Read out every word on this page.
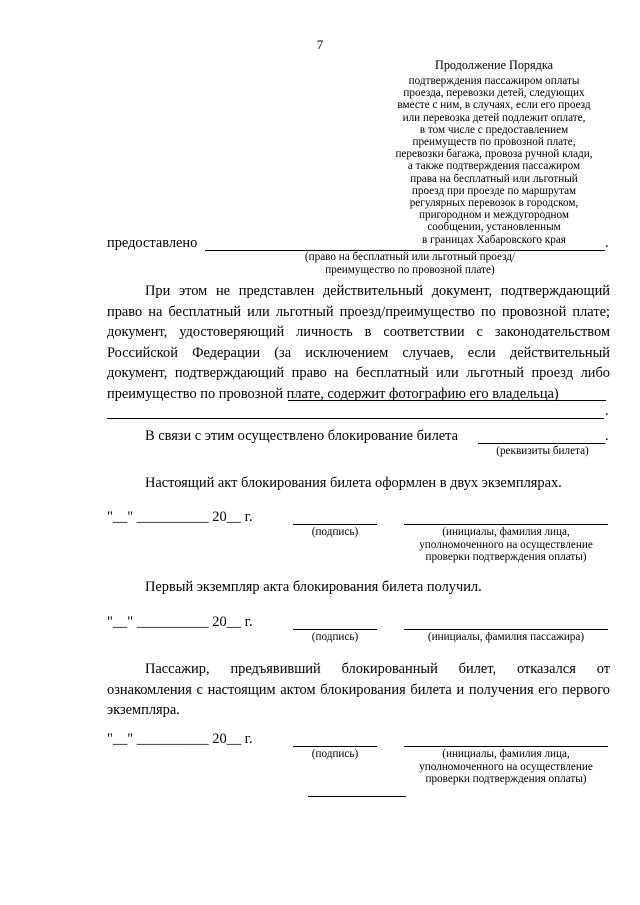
7
Продолжение Порядка
подтверждения пассажиром оплаты
проезда, перевозки детей, следующих
вместе с ним, в случаях, если его проезд
или перевозка детей подлежит оплате,
в том числе с предоставлением
преимуществ по провозной плате,
перевозки багажа, провоза ручной клади,
а также подтверждения пассажиром
права на бесплатный или льготный
проезд при проезде по маршрутам
регулярных перевозок в городском,
пригородном и междугородном
сообщении, установленным
в границах Хабаровского края
предоставлено	.
(право на бесплатный или льготный проезд/
преимущество по провозной плате)

При этом не представлен действительный документ, подтверждающий право на бесплатный или льготный проезд/преимущество по провозной плате; документ, удостоверяющий личность в соответствии с законодательством Российской Федерации (за исключением случаев, если действительный документ, подтверждающий право на бесплатный или льготный проезд либо преимущество по провозной плате, содержит фотографию его владельца)

.
В связи с этим осуществлено блокирование билета	.
(реквизиты билета)
Настоящий акт блокирования билета оформлен в двух экземплярах.
"__" __________ 20__ г.
(подпись)	(инициалы, фамилия лица,
уполномоченного на осуществление
проверки подтверждения оплаты)
Первый экземпляр акта блокирования билета получил.
"__" __________ 20__ г.
(подпись)	(инициалы, фамилия пассажира)

Пассажир, предъявивший блокированный билет, отказался от ознакомления с настоящим актом блокирования билета и получения его первого экземпляра.

"__" __________ 20__ г.
(подпись)	(инициалы, фамилия лица,
уполномоченного на осуществление
проверки подтверждения оплаты)
